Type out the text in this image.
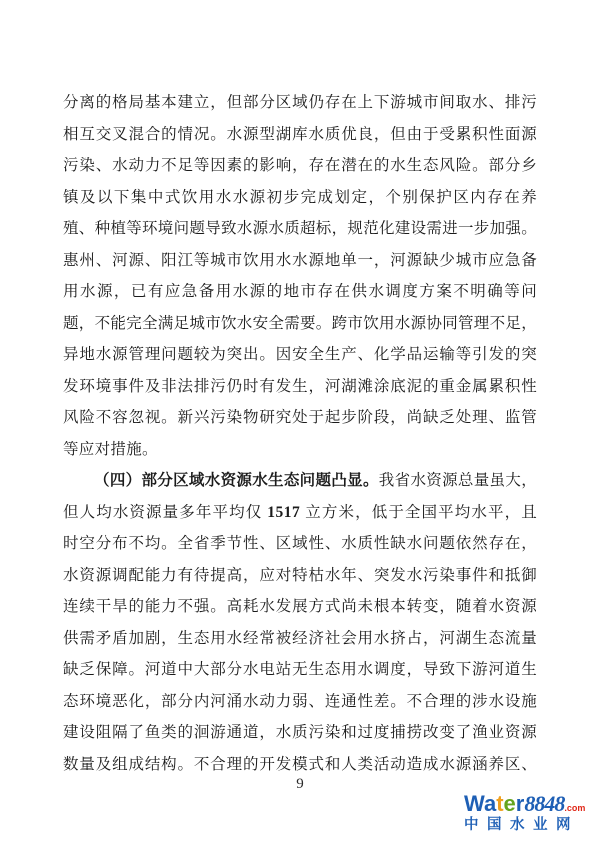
分离的格局基本建立，但部分区域仍存在上下游城市间取水、排污

相互交叉混合的情况。水源型湖库水质优良，但由于受累积性面源

污染、水动力不足等因素的影响，存在潜在的水生态风险。部分乡

镇及以下集中式饮用水水源初步完成划定，个别保护区内存在养

殖、种植等环境问题导致水源水质超标，规范化建设需进一步加强。

惠州、河源、阳江等城市饮用水水源地单一，河源缺少城市应急备

用水源，已有应急备用水源的地市存在供水调度方案不明确等问

题，不能完全满足城市饮水安全需要。跨市饮用水源协同管理不足，

异地水源管理问题较为突出。因安全生产、化学品运输等引发的突

发环境事件及非法排污仍时有发生，河湖滩涂底泥的重金属累积性

风险不容忽视。新兴污染物研究处于起步阶段，尚缺乏处理、监管

等应对措施。

（四）部分区域水资源水生态问题凸显。我省水资源总量虽大，

但人均水资源量多年平均仅 1517 立方米，低于全国平均水平，且

时空分布不均。全省季节性、区域性、水质性缺水问题依然存在，

水资源调配能力有待提高，应对特枯水年、突发水污染事件和抵御

连续干旱的能力不强。高耗水发展方式尚未根本转变，随着水资源

供需矛盾加剧，生态用水经常被经济社会用水挤占，河湖生态流量

缺乏保障。河道中大部分水电站无生态用水调度，导致下游河道生

态环境恶化，部分内河涌水动力弱、连通性差。不合理的涉水设施

建设阻隔了鱼类的洄游通道，水质污染和过度捕捞改变了渔业资源

数量及组成结构。不合理的开发模式和人类活动造成水源涵养区、

9
Water8848.com
中国水业网
